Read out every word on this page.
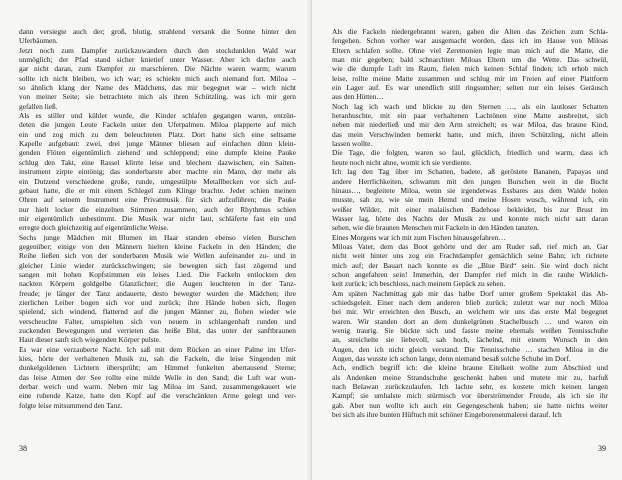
dann versiegte auch der; groß, blutig, strahlend versank die Sonne hinter den
Uferbäumen.
Jetzt noch zum Dampfer zurückzuwandern durch den stockdunklen Wald war
unmöglich; der Pfad stand sicher knietief unter Wasser. Aber ich dachte auch
gar nicht daran, zum Dampfer zu marschieren. Die Nächte waren warm; warum
sollte ich nicht bleiben, wo ich war; es schiekte mich auch niemand fort. Miloa –
so ähnlich klang der Name des Mädchens, das mir begegnet war – wich nicht
von meiner Seite; sie betrachtete mich als ihren Schützling, was ich mir gern
gefallen ließ.
Als es stiller und kühler wurde, die Kinder schlafen gegangen waren, entzün-
deten die jungen Leute Fackeln unter den Uferpalmen. Miloa plapperte auf mich
ein und zog mich zu dem beleuchteten Platz. Dort hatte sich eine seltsame
Kapelle aufgebaut: zwei, drei junge Männer bliesen auf einfachen dünn klein-
genden Flöten eigentümlich ziehend und schleppend; eine dumpfe kleine Pauke
schlug den Takt, eine Rassel klirrte leise und blechern dazwischen, ein Saiten-
instrument zirpte eintönig; das sonderbarste aber machte ein Mann, der mehr als
ein Dutzend verschiedene große, runde, umgestülpte Metallbecken vor sich auf-
gebaut hatte, die er mit einem Schlegel zum Klinge brachte. Jeder schien meinen
Ohren auf seinem Instrument eine Privatmusik für sich aufzuführen; die Pauke
nur hielt locker die einzelnen Stimmen zusammen; auch der Rhythmus schien
mir eigentümlich unbestimmt. Die Musik war nicht laut, schläferte fast ein und
erregte doch gleichzeitig auf eigentümliche Weise.
Sechs junge Mädchen mit Blumen im Haar standen ebenso vielen Burschen
gegenüber; einige von den Männern hielten kleine Fackeln in den Händen; die
Reihe ließen sich von der sonderbaren Musik wie Wellen aufeinander zu- und in
gleicher Linie wieder zurückschwingen; sie bewegten sich fast zögernd und
sangen mit hohen Kopfstimmen ein leises Lied. Die Fackeln entlockten den
nackten Körpern goldgelbe Glanzlichter; die Augen leuchteten in der Tanz-
freude; je länger der Tanz andauerte, desto bewegter wurden die Mädchen; ihre
zierlichen Leiber bogen sich vor und zurück; ihre Hände hoben sich, flogen
spielend, sich windend, flatternd auf die jungen Männer zu, flohen wieder wie
verscheuchte Falter, umspielten sich von neuem in schlangenhaft runden und
zuckenden Bewegungen und verrieten das heiße Blut, das unter der sanftbraunen
Haut dieser sanft sich wiegenden Körper pulste.
Es war eine verzauberte Nacht. Ich saß mit dem Rücken an einer Palme im Ufer-
kies, hörte der verhaltenen Musik zu, sah die Fackeln, die leise Singenden mit
dunkelgoldenen Lichtern übersprüht; am Himmel funkelten abertausend Sterne;
das leise Atmen der See rollte eine milde Welle in den Sand; die Luft war wun-
derbar weich und warm. Neben mir lag Miloa im Sand, zusammengekauert wie
eine ruhende Katze, hatte den Kopf auf die verschränkten Arme gelegt und ver-
folgte leise mitsummend den Tanz.
38
Als die Fackeln niedergebrannt waren, gaben die Alten das Zeichen zum Schla-
fengehen. Schon vorher war ausgemacht worden, dass ich im Hause von Miloas
Eltern schlafen sollte. Ohne viel Zeremonien legte man mich auf die Matte, die
man mir gegeben; bald schnarchten Miloas Eltern um die Wette. Das schwül,
wie die dumpfe Luft im Raum, fielen mich keinen Schlaf finden; ich erhob mich
leise, rollte meine Matte zusammen und schlug mir im Freien auf einer Plattform
ein Lager auf. Es war unendlich still ringsumher; selten nur ein leises Geräusch
aus den Hütten…
Noch lag ich wach und blickte zu den Sternen …, als ein lautloser Schatten
heranhuschte, mit ein paar verhaltenen Lachtönen eine Matte ausbreitet, sich
neben mir niederließ und mir den Arm streichelt; es war Miloa, das braune Kind,
das mein Verschwinden bemerkt hatte, und mich, ihren Schützling, nicht allein
lassen wollte.
Die Tage, die folgten, waren so faul, glücklich, friedlich und warm, dass ich
heute noch nicht ahne, womit ich sie verdiente.
Ich lag den Tag über im Schatten, badete, aß geröstete Bananen, Papayas und
andere Herrlichkeiten, schwamm mit den jungen Burschen weit in die Bucht
hinaus…, begleitete Miloa, wenn sie irgendetwas Essbares aus dem Walde holen
musste, sah zu, wie sie mein Hemd und meine Hosen wusch, während ich, ein
weißer Wilder, mit einer malaiischen Badehose bekleidet, bis zur Brust im
Wasser lag, hörte des Nachts der Musik zu und konnte mich nicht satt daran
sehen, wie die braunen Menschen mit Fackeln in den Händen tanzten.
Eines Morgens war ich mit zum Fischen hinausgefahren…
Miloas Vater, dem das Boot gehörte und der am Ruder saß, rief mich an. Gar
nicht weit hinter uns zog ein Frachtdampfer gemächlich seine Bahn; ich richtete
mich auf; der Bauart nach konnte es die „Blue Bird“ sein. Sie wird doch nicht
schon angefahren sein! Immerhin, der Dampfer rief mich in die rauhe Wirklich-
keit zurück; ich beschloss, nach meinem Gepäck zu sehen.
Am späten Nachmittag gab mir das halbe Dorf unter großem Spektakel das Ab-
schiedsgeleit. Einer nach dem anderen blieb zurück; zuletzt war nur noch Miloa
bei mir. Wir erreichten den Busch, an welchem wir uns das erste Mal begegnet
waren. Wir standen dort an dem dunkelgrünen Stachelbusch … und waren ein
wenig traurig. Sie bückte sich und fasste meine ehemals weißen Tennisschuhe
an, streichelte sie liebevoll, sah hoch, lächelnd, mit einem Wunsch in den
Augen, den ich nicht gleich verstand. Die Tennisschuhe … stachen Miloa in die
Augen, das wusste ich schon lange, denn niemand besaß solche Schuhe im Dorf.
Ach, endlich begriff ich: die kleine braune Eitelkeit wollte zum Abschied und
als Andenken meine Strandschuhe geschenkt haben und mutete mir zu, barfuß
nach Belawan zurückzulaufen. Ich lachte sehr, es kostete mich keinen langen
Kampf; sie umhalste mich stürmisch vor überströmender Freude, als ich sie ihr
gab. Aber nun wollte ich auch ein Gegengeschenk haben; sie hatte nichts weiter
bei sich als ihre bunten Hüftuch mit schöner Eingeborenenmalerei darauf. Ich
39
